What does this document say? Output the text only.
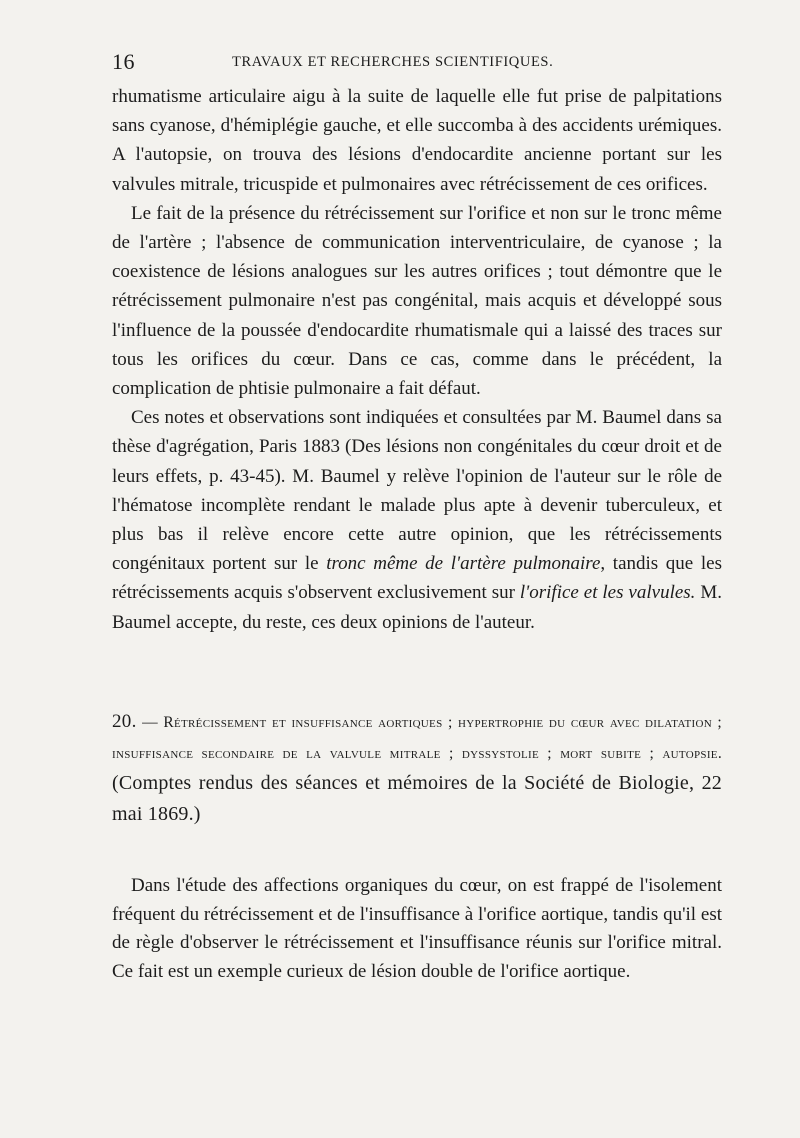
16	TRAVAUX ET RECHERCHES SCIENTIFIQUES.

rhumatisme articulaire aigu à la suite de laquelle elle fut prise de palpitations sans cyanose, d'hémiplégie gauche, et elle succomba à des accidents urémiques. A l'autopsie, on trouva des lésions d'endocardite ancienne portant sur les valvules mitrale, tricuspide et pulmonaires avec rétrécissement de ces orifices.

Le fait de la présence du rétrécissement sur l'orifice et non sur le tronc même de l'artère ; l'absence de communication interventriculaire, de cyanose ; la coexistence de lésions analogues sur les autres orifices ; tout démontre que le rétrécissement pulmonaire n'est pas congénital, mais acquis et développé sous l'influence de la poussée d'endocardite rhumatismale qui a laissé des traces sur tous les orifices du cœur. Dans ce cas, comme dans le précédent, la complication de phtisie pulmonaire a fait défaut.

Ces notes et observations sont indiquées et consultées par M. Baumel dans sa thèse d'agrégation, Paris 1883 (Des lésions non congénitales du cœur droit et de leurs effets, p. 43-45). M. Baumel y relève l'opinion de l'auteur sur le rôle de l'hématose incomplète rendant le malade plus apte à devenir tuberculeux, et plus bas il relève encore cette autre opinion, que les rétrécissements congénitaux portent sur le tronc même de l'artère pulmonaire, tandis que les rétrécissements acquis s'observent exclusivement sur l'orifice et les valvules. M. Baumel accepte, du reste, ces deux opinions de l'auteur.

20. — Rétrécissement et insuffisance aortiques ; hypertrophie du cœur avec dilatation ; insuffisance secondaire de la valvule mitrale ; dyssystolie ; mort subite ; autopsie.(Comptes rendus des séances et mémoires de la Société de Biologie, 22 mai 1869.)

Dans l'étude des affections organiques du cœur, on est frappé de l'isolement fréquent du rétrécissement et de l'insuffisance à l'orifice aortique, tandis qu'il est de règle d'observer le rétrécissement et l'insuffisance réunis sur l'orifice mitral. Ce fait est un exemple curieux de lésion double de l'orifice aortique.
